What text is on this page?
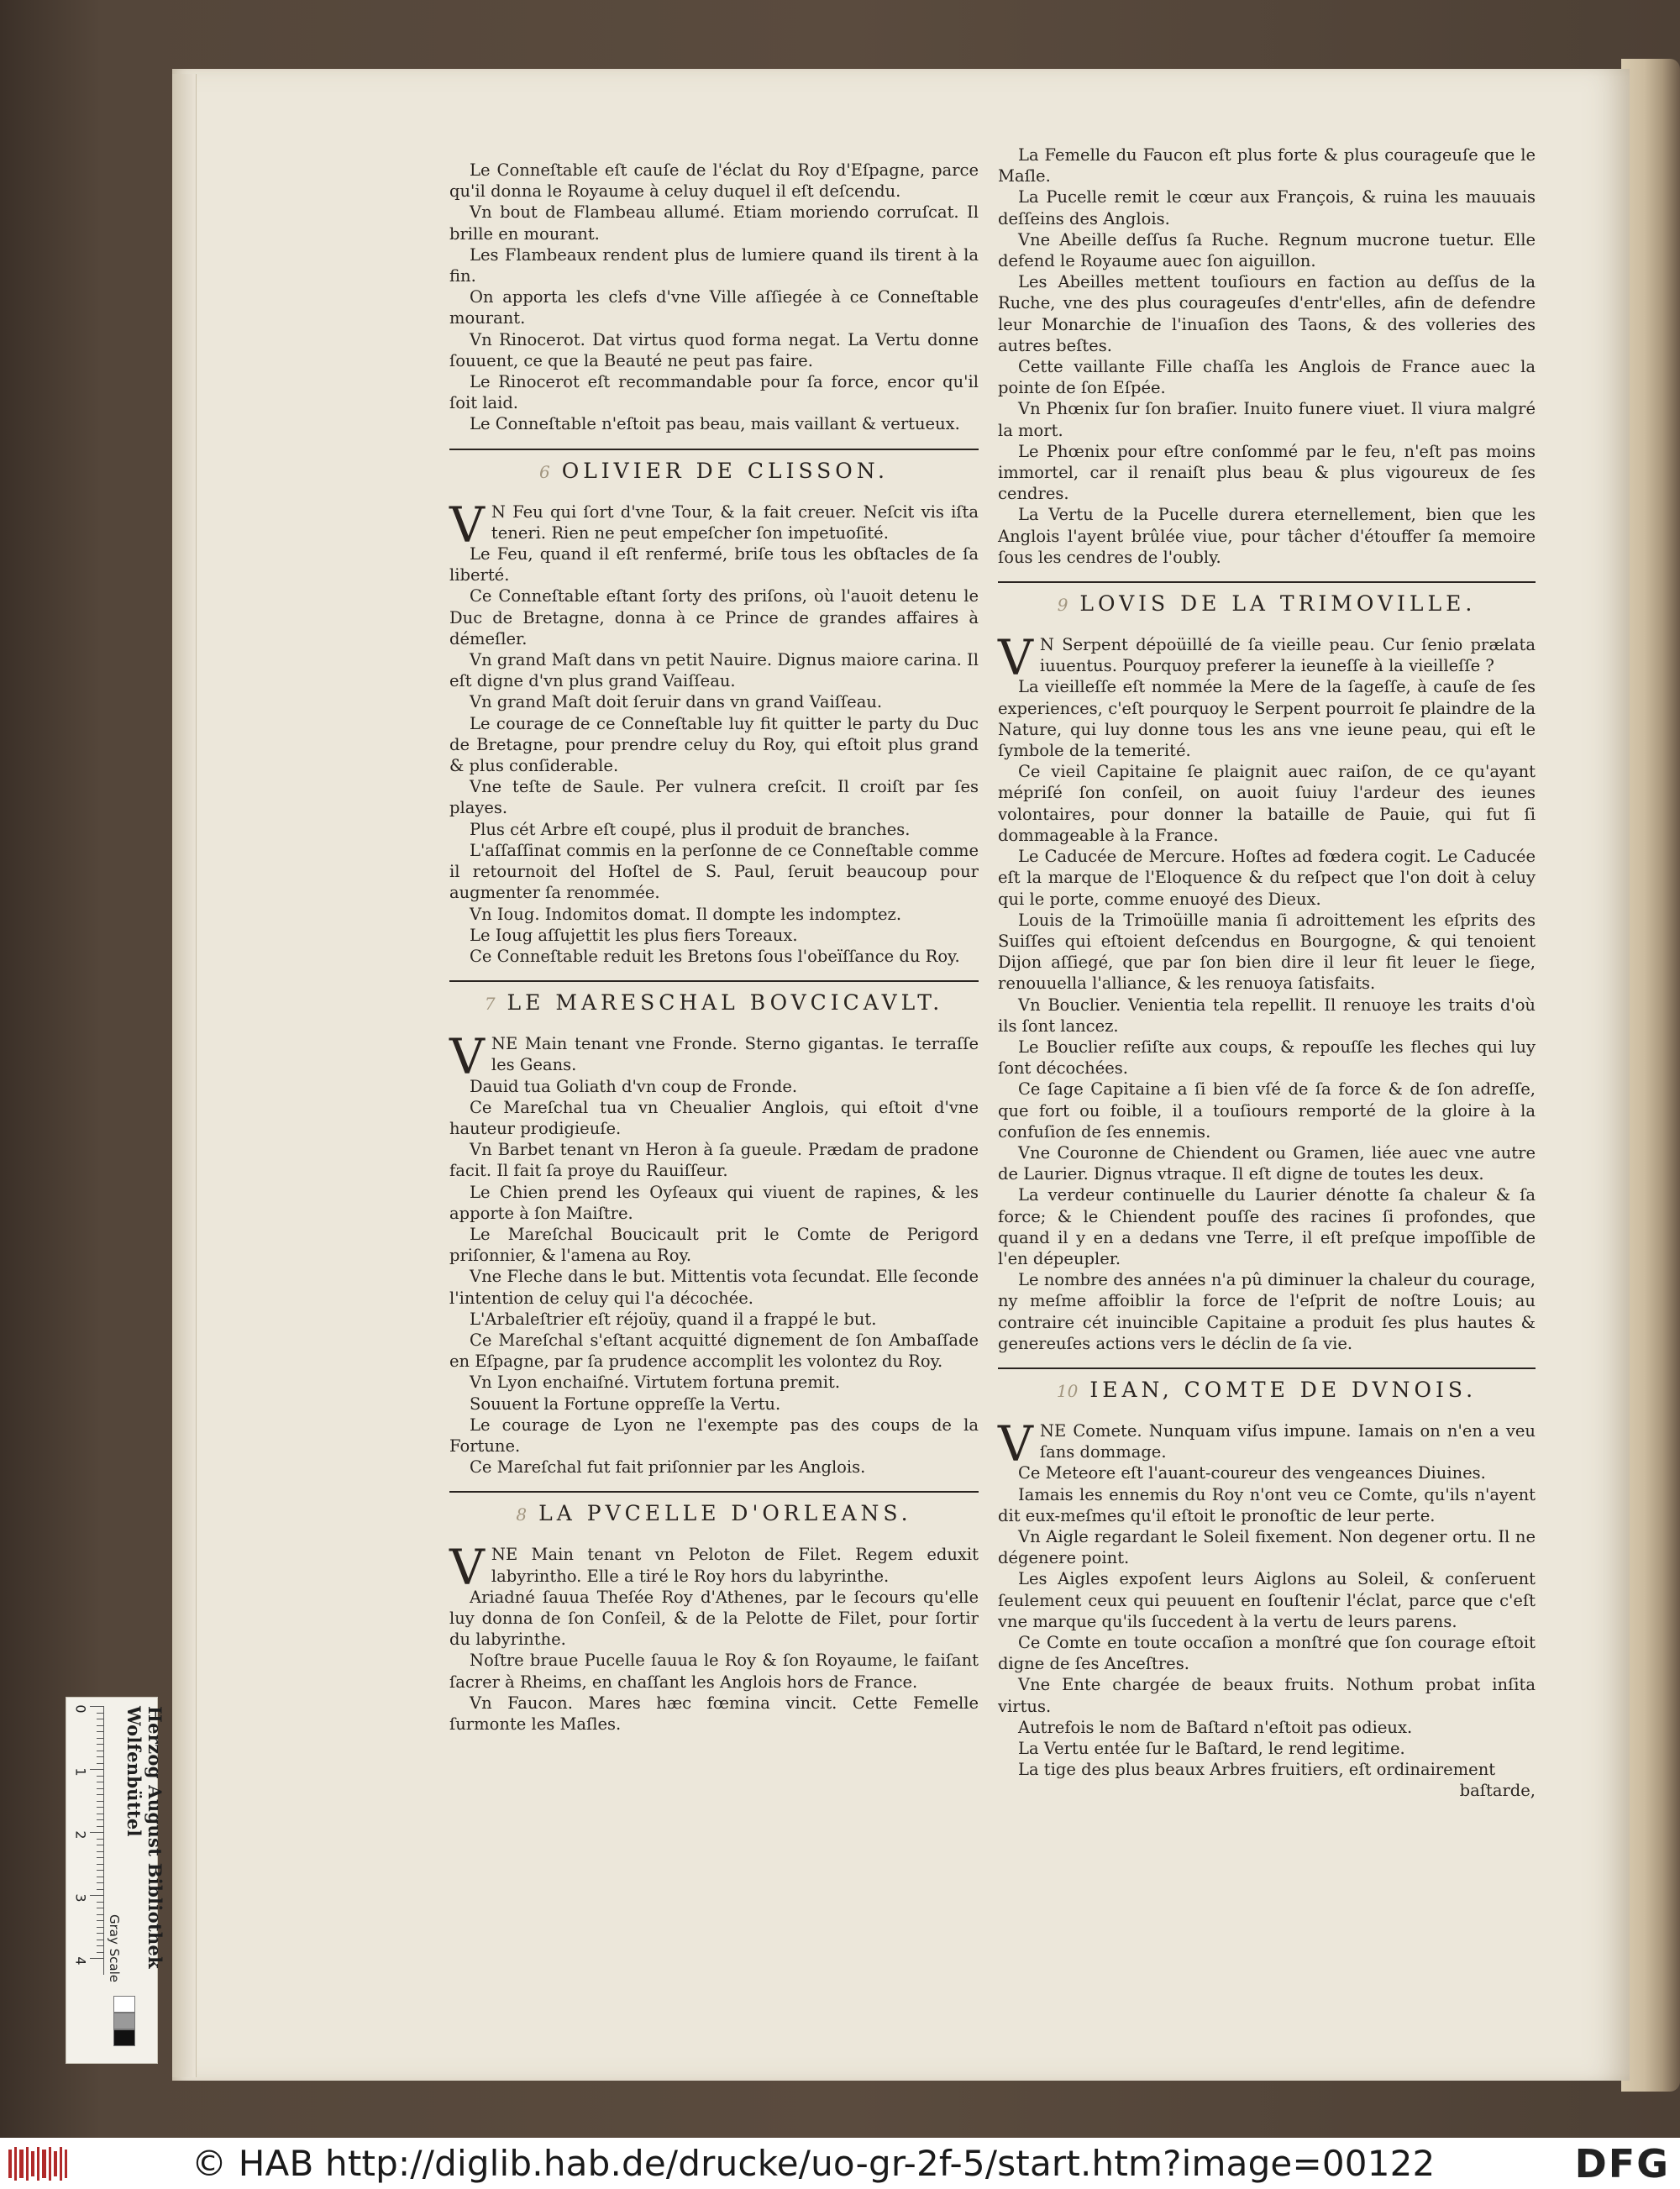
Le Conneſtable eſt cauſe de l'éclat du Roy d'Eſpagne, parce qu'il donna le Royaume à celuy duquel il eſt deſcendu.

Vn bout de Flambeau allumé. Etiam moriendo corruſcat. Il brille en mourant.

Les Flambeaux rendent plus de lumiere quand ils tirent à la fin.

On apporta les clefs d'vne Ville aſſiegée à ce Conneſtable mourant.

Vn Rinocerot. Dat virtus quod forma negat. La Vertu donne ſouuent, ce que la Beauté ne peut pas faire.

Le Rinocerot eſt recommandable pour ſa force, encor qu'il ſoit laid.

Le Conneſtable n'eſtoit pas beau, mais vaillant & vertueux.

6 OLIVIER DE CLISSON.

V N Feu qui ſort d'vne Tour, & la fait creuer. Neſcit vis iſta teneri. Rien ne peut empeſcher ſon impetuoſité.

Le Feu, quand il eſt renfermé, briſe tous les obſtacles de ſa liberté.

Ce Conneſtable eſtant ſorty des priſons, où l'auoit detenu le Duc de Bretagne, donna à ce Prince de grandes affaires à démeſler.

Vn grand Maſt dans vn petit Nauire. Dignus maiore carina. Il eſt digne d'vn plus grand Vaiſſeau.

Vn grand Maſt doit ſeruir dans vn grand Vaiſſeau.

Le courage de ce Conneſtable luy fit quitter le party du Duc de Bretagne, pour prendre celuy du Roy, qui eſtoit plus grand & plus conſiderable.

Vne teſte de Saule. Per vulnera creſcit. Il croiſt par ſes playes.

Plus cét Arbre eſt coupé, plus il produit de branches.

L'aſſaſſinat commis en la perſonne de ce Conneſtable comme il retournoit del Hoſtel de S. Paul, ſeruit beaucoup pour augmenter ſa renommée.

Vn Ioug. Indomitos domat. Il dompte les indomptez.

Le Ioug aſſujettit les plus fiers Toreaux.

Ce Conneſtable reduit les Bretons ſous l'obeïſſance du Roy.

7 LE MARESCHAL BOVCICAVLT.

VNE Main tenant vne Fronde. Sterno gigantas. Ie terraſſe les Geans.

Dauid tua Goliath d'vn coup de Fronde.

Ce Mareſchal tua vn Cheualier Anglois, qui eſtoit d'vne hauteur prodigieuſe.

Vn Barbet tenant vn Heron à ſa gueule. Prædam de pradone facit. Il fait ſa proye du Rauiſſeur.

Le Chien prend les Oyſeaux qui viuent de rapines, & les apporte à ſon Maiſtre.

Le Mareſchal Boucicault prit le Comte de Perigord priſonnier, & l'amena au Roy.

Vne Fleche dans le but. Mittentis vota ſecundat. Elle ſeconde l'intention de celuy qui l'a décochée.

L'Arbaleſtrier eſt réjoüy, quand il a frappé le but.

Ce Mareſchal s'eſtant acquitté dignement de ſon Ambaſſade en Eſpagne, par ſa prudence accomplit les volontez du Roy.

Vn Lyon enchaiſné. Virtutem fortuna premit.

Souuent la Fortune oppreſſe la Vertu.

Le courage de Lyon ne l'exempte pas des coups de la Fortune.

Ce Mareſchal fut fait priſonnier par les Anglois.

8 LA PVCELLE D'ORLEANS.

VNE Main tenant vn Peloton de Filet. Regem eduxit labyrintho. Elle a tiré le Roy hors du labyrinthe.

Ariadné ſauua Theſée Roy d'Athenes, par le ſecours qu'elle luy donna de ſon Conſeil, & de la Pelotte de Filet, pour ſortir du labyrinthe.

Noſtre braue Pucelle ſauua le Roy & ſon Royaume, le faiſant ſacrer à Rheims, en chaſſant les Anglois hors de France.

Vn Faucon. Mares hæc fœmina vincit. Cette Femelle ſurmonte les Maſles.

La Femelle du Faucon eſt plus forte & plus courageuſe que le Maſle.

La Pucelle remit le cœur aux François, & ruina les mauuais deſſeins des Anglois.

Vne Abeille deſſus ſa Ruche. Regnum mucrone tuetur. Elle defend le Royaume auec ſon aiguillon.

Les Abeilles mettent touſiours en faction au deſſus de la Ruche, vne des plus courageuſes d'entr'elles, afin de defendre leur Monarchie de l'inuaſion des Taons, & des volleries des autres beſtes.

Cette vaillante Fille chaſſa les Anglois de France auec la pointe de ſon Eſpée.

Vn Phœnix ſur ſon braſier. Inuito funere viuet. Il viura malgré la mort.

Le Phœnix pour eſtre conſommé par le feu, n'eſt pas moins immortel, car il renaiſt plus beau & plus vigoureux de ſes cendres.

La Vertu de la Pucelle durera eternellement, bien que les Anglois l'ayent brûlée viue, pour tâcher d'étouffer ſa memoire ſous les cendres de l'oubly.

9 LOVIS DE LA TRIMOVILLE.

V N Serpent dépoüillé de ſa vieille peau. Cur ſenio prælata iuuentus. Pourquoy preferer la ieuneſſe à la vieilleſſe ?

La vieilleſſe eſt nommée la Mere de la ſageſſe, à cauſe de ſes experiences, c'eſt pourquoy le Serpent pourroit ſe plaindre de la Nature, qui luy donne tous les ans vne ieune peau, qui eſt le ſymbole de la temerité.

Ce vieil Capitaine ſe plaignit auec raiſon, de ce qu'ayant mépriſé ſon conſeil, on auoit ſuiuy l'ardeur des ieunes volontaires, pour donner la bataille de Pauie, qui fut ſi dommageable à la France.

Le Caducée de Mercure. Hoſtes ad fœdera cogit. Le Caducée eſt la marque de l'Eloquence & du reſpect que l'on doit à celuy qui le porte, comme enuoyé des Dieux.

Louis de la Trimoüille mania ſi adroittement les eſprits des Suiſſes qui eſtoient deſcendus en Bourgogne, & qui tenoient Dijon aſſiegé, que par ſon bien dire il leur fit leuer le ſiege, renouuella l'alliance, & les renuoya ſatisfaits.

Vn Bouclier. Venientia tela repellit. Il renuoye les traits d'où ils ſont lancez.

Le Bouclier reſiſte aux coups, & repouſſe les fleches qui luy ſont décochées.

Ce ſage Capitaine a ſi bien vſé de ſa force & de ſon adreſſe, que fort ou foible, il a touſiours remporté de la gloire à la confuſion de ſes ennemis.

Vne Couronne de Chiendent ou Gramen, liée auec vne autre de Laurier. Dignus vtraque. Il eſt digne de toutes les deux.

La verdeur continuelle du Laurier dénotte ſa chaleur & ſa force; & le Chiendent pouſſe des racines ſi profondes, que quand il y en a dedans vne Terre, il eſt preſque impoſſible de l'en dépeupler.

Le nombre des années n'a pû diminuer la chaleur du courage, ny meſme affoiblir la force de l'eſprit de noſtre Louis; au contraire cét inuincible Capitaine a produit ſes plus hautes & genereuſes actions vers le déclin de ſa vie.

10 IEAN, COMTE DE DVNOIS.

VNE Comete. Nunquam viſus impune. Iamais on n'en a veu ſans dommage.

Ce Meteore eſt l'auant-coureur des vengeances Diuines.

Iamais les ennemis du Roy n'ont veu ce Comte, qu'ils n'ayent dit eux-meſmes qu'il eſtoit le pronoſtic de leur perte.

Vn Aigle regardant le Soleil fixement. Non degener ortu. Il ne dégenere point.

Les Aigles expoſent leurs Aiglons au Soleil, & conſeruent ſeulement ceux qui peuuent en ſouſtenir l'éclat, parce que c'eſt vne marque qu'ils ſuccedent à la vertu de leurs parens.

Ce Comte en toute occaſion a monſtré que ſon courage eſtoit digne de ſes Anceſtres.

Vne Ente chargée de beaux fruits. Nothum probat inſita virtus.

Autrefois le nom de Baſtard n'eſtoit pas odieux.

La Vertu entée ſur le Baſtard, le rend legitime.

La tige des plus beaux Arbres fruitiers, eſt ordinairement

baſtarde,

0
1
2
3
4	Herzog August Bibliothek Wolfenbüttel
Gray Scale
© HAB http://diglib.hab.de/drucke/uo-gr-2f-5/start.htm?image=00122	DFG
